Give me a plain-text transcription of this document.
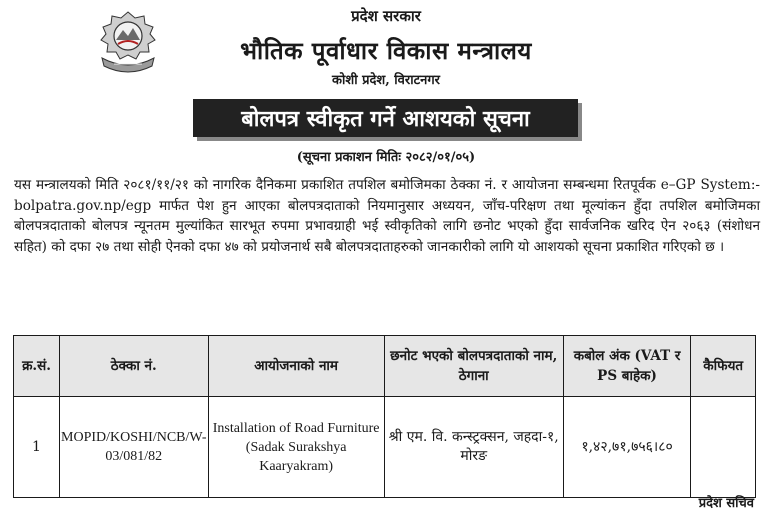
प्रदेश सरकार
भौतिक पूर्वाधार विकास मन्त्रालय
कोशी प्रदेश, विराटनगर
बोलपत्र स्वीकृत गर्ने आशयको सूचना
(सूचना प्रकाशन मितिः २०८२/०१/०५)
यस मन्त्रालयको मिति २०८१/११/२१ को नागरिक दैनिकमा प्रकाशित तपशिल बमोजिमका ठेक्का नं. र आयोजना सम्बन्धमा रितपूर्वक e–GP System:- bolpatra.gov.np/egp मार्फत पेश हुन आएका बोलपत्रदाताको नियमानुसार अध्ययन, जाँच-परिक्षण तथा मूल्यांकन हुँदा तपशिल बमोजिमका बोलपत्रदाताको बोलपत्र न्यूनतम मुल्यांकित सारभूत रुपमा प्रभावग्राही भई स्वीकृतिको लागि छनोट भएको हुँदा सार्वजनिक खरिद ऐन २०६३ (संशोधन सहित) को दफा २७ तथा सोही ऐनको दफा ४७ को प्रयोजनार्थ सबै बोलपत्रदाताहरुको जानकारीको लागि यो आशयको सूचना प्रकाशित गरिएको छ ।
क्र.सं.	ठेक्का नं.	आयोजनाको नाम	छनोट भएको बोलपत्रदाताको नाम, ठेगाना	कबोल अंक (VAT र PS बाहेक)	कैफियत
1	MOPID/KOSHI/NCB/W-03/081/82	Installation of Road Furniture (Sadak Surakshya Kaaryakram)	श्री एम. वि. कन्स्ट्रक्सन, जहदा-१, मोरङ	१,४२,७१,७५६।८०	
प्रदेश सचिव
